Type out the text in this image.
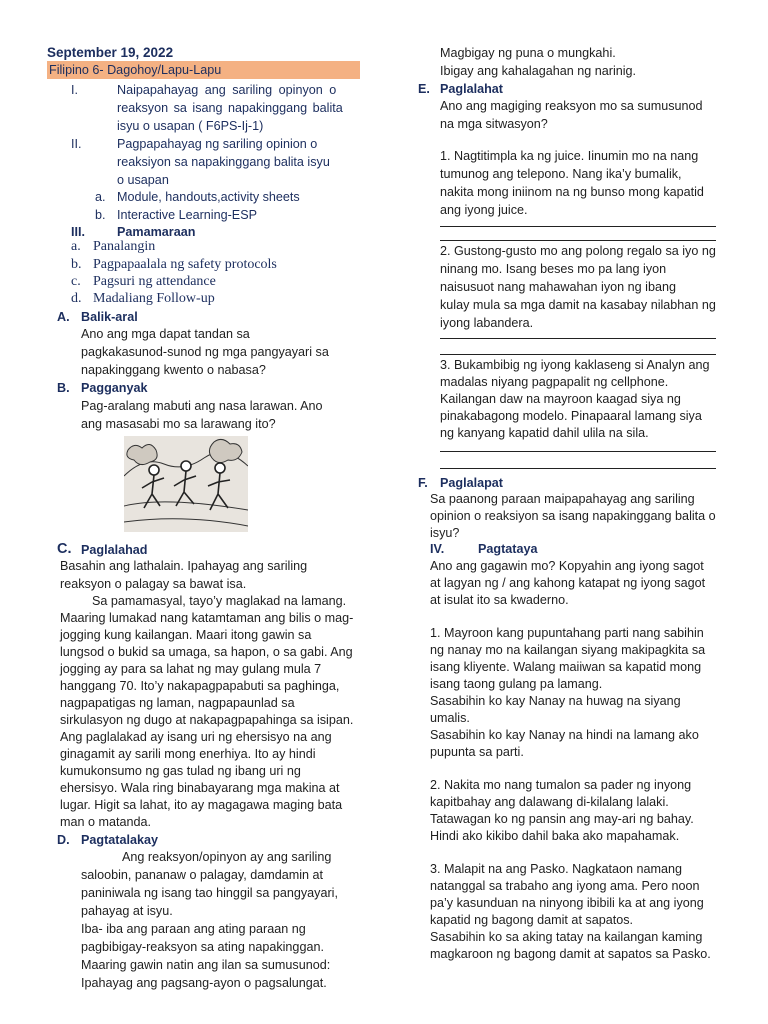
September 19, 2022
Filipino 6- Dagohoy/Lapu-Lapu
I.	Naipapahayag ang sariling opinyon o
reaksyon sa isang napakinggang balita
isyu o usapan ( F6PS-Ij-1)
II.	Pagpapahayag ng sariling opinion o
reaksiyon sa napakinggang balita isyu
o usapan
a. Module, handouts,activity sheets
b. Interactive Learning-ESP
III.	Pamamaraan
a. Panalangin
b. Pagpapaalala ng safety protocols
c. Pagsuri ng attendance
d. Madaliang Follow-up
A. Balik-aral
Ano ang mga dapat tandan sa
pagkakasunod-sunod ng mga pangyayari sa
napakinggang kwento o nabasa?
B. Pagganyak
Pag-aralang mabuti ang nasa larawan. Ano
ang masasabi mo sa larawang ito?
C. Paglalahad
Basahin ang lathalain. Ipahayag ang sariling
reaksyon o palagay sa bawat isa.
Sa pamamasyal, tayo’y maglakad na lamang.
Maaring lumakad nang katamtaman ang bilis o mag-
jogging kung kailangan. Maari itong gawin sa
lungsod o bukid sa umaga, sa hapon, o sa gabi. Ang
jogging ay para sa lahat ng may gulang mula 7
hanggang 70. Ito’y nakapagpapabuti sa paghinga,
nagpapatigas ng laman, nagpapaunlad sa
sirkulasyon ng dugo at nakapagpapahinga sa isipan.
Ang paglalakad ay isang uri ng ehersisyo na ang
ginagamit ay sarili mong enerhiya. Ito ay hindi
kumukonsumo ng gas tulad ng ibang uri ng
ehersisyo. Wala ring binabayarang mga makina at
lugar. Higit sa lahat, ito ay magagawa maging bata
man o matanda.
D. Pagtatalakay
Ang reaksyon/opinyon ay ang sariling
saloobin, pananaw o palagay, damdamin at
paniniwala ng isang tao hinggil sa pangyayari,
pahayag at isyu.
Iba- iba ang paraan ang ating paraan ng
pagbibigay-reaksyon sa ating napakinggan.
Maaring gawin natin ang ilan sa sumusunod:
Ipahayag ang pagsang-ayon o pagsalungat.
Magbigay ng puna o mungkahi.
Ibigay ang kahalagahan ng narinig.
E. Paglalahat
Ano ang magiging reaksyon mo sa sumusunod
na mga sitwasyon?
1. Nagtitimpla ka ng juice. Iinumin mo na nang
tumunog ang telepono. Nang ika’y bumalik,
nakita mong iniinom na ng bunso mong kapatid
ang iyong juice.
2. Gustong-gusto mo ang polong regalo sa iyo ng
ninang mo. Isang beses mo pa lang iyon
naisusuot nang mahawahan iyon ng ibang
kulay mula sa mga damit na kasabay nilabhan ng
iyong labandera.
3. Bukambibig ng iyong kaklaseng si Analyn ang
madalas niyang pagpapalit ng cellphone.
Kailangan daw na mayroon kaagad siya ng
pinakabagong modelo. Pinapaaral lamang siya
ng kanyang kapatid dahil ulila na sila.
F. Paglalapat
Sa paanong paraan maipapahayag ang sariling
opinion o reaksiyon sa isang napakinggang balita o
isyu?
IV.	Pagtataya
Ano ang gagawin mo? Kopyahin ang iyong sagot
at lagyan ng / ang kahong katapat ng iyong sagot
at isulat ito sa kwaderno.
1. Mayroon kang pupuntahang parti nang sabihin
ng nanay mo na kailangan siyang makipagkita sa
isang kliyente. Walang maiiwan sa kapatid mong
isang taong gulang pa lamang.
Sasabihin ko kay Nanay na huwag na siyang
umalis.
Sasabihin ko kay Nanay na hindi na lamang ako
pupunta sa parti.
2. Nakita mo nang tumalon sa pader ng inyong
kapitbahay ang dalawang di-kilalang lalaki.
Tatawagan ko ng pansin ang may-ari ng bahay.
Hindi ako kikibo dahil baka ako mapahamak.
3. Malapit na ang Pasko. Nagkataon namang
natanggal sa trabaho ang iyong ama. Pero noon
pa’y kasunduan na ninyong ibibili ka at ang iyong
kapatid ng bagong damit at sapatos.
Sasabihin ko sa aking tatay na kailangan kaming
magkaroon ng bagong damit at sapatos sa Pasko.
